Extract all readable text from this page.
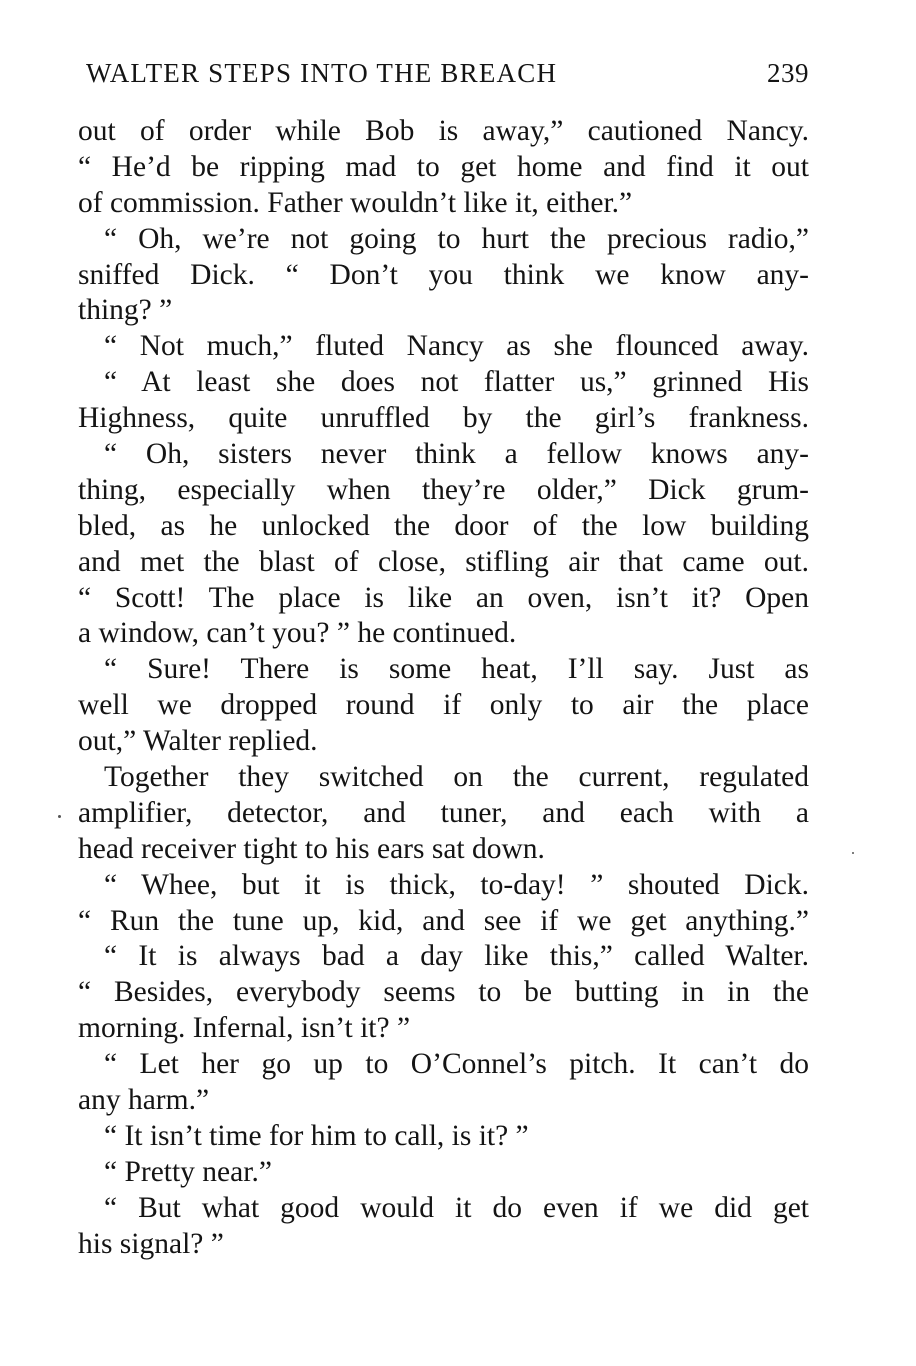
WALTER STEPS INTO THE BREACH	239
out of order while Bob is away,” cautioned Nancy.
“ He’d be ripping mad to get home and find it out
of commission. Father wouldn’t like it, either.”
“ Oh, we’re not going to hurt the precious radio,”
sniffed Dick. “ Don’t you think we know any-
thing? ”
“ Not much,” fluted Nancy as she flounced away.
“ At least she does not flatter us,” grinned His
Highness, quite unruffled by the girl’s frankness.
“ Oh, sisters never think a fellow knows any-
thing, especially when they’re older,” Dick grum-
bled, as he unlocked the door of the low building
and met the blast of close, stifling air that came out.
“ Scott! The place is like an oven, isn’t it? Open
a window, can’t you? ” he continued.
“ Sure! There is some heat, I’ll say. Just as
well we dropped round if only to air the place
out,” Walter replied.
Together they switched on the current, regulated
amplifier, detector, and tuner, and each with a
head receiver tight to his ears sat down.
“ Whee, but it is thick, to-day! ” shouted Dick.
“ Run the tune up, kid, and see if we get anything.”
“ It is always bad a day like this,” called Walter.
“ Besides, everybody seems to be butting in in the
morning. Infernal, isn’t it? ”
“ Let her go up to O’Connel’s pitch. It can’t do
any harm.”
“ It isn’t time for him to call, is it? ”
“ Pretty near.”
“ But what good would it do even if we did get
his signal? ”
